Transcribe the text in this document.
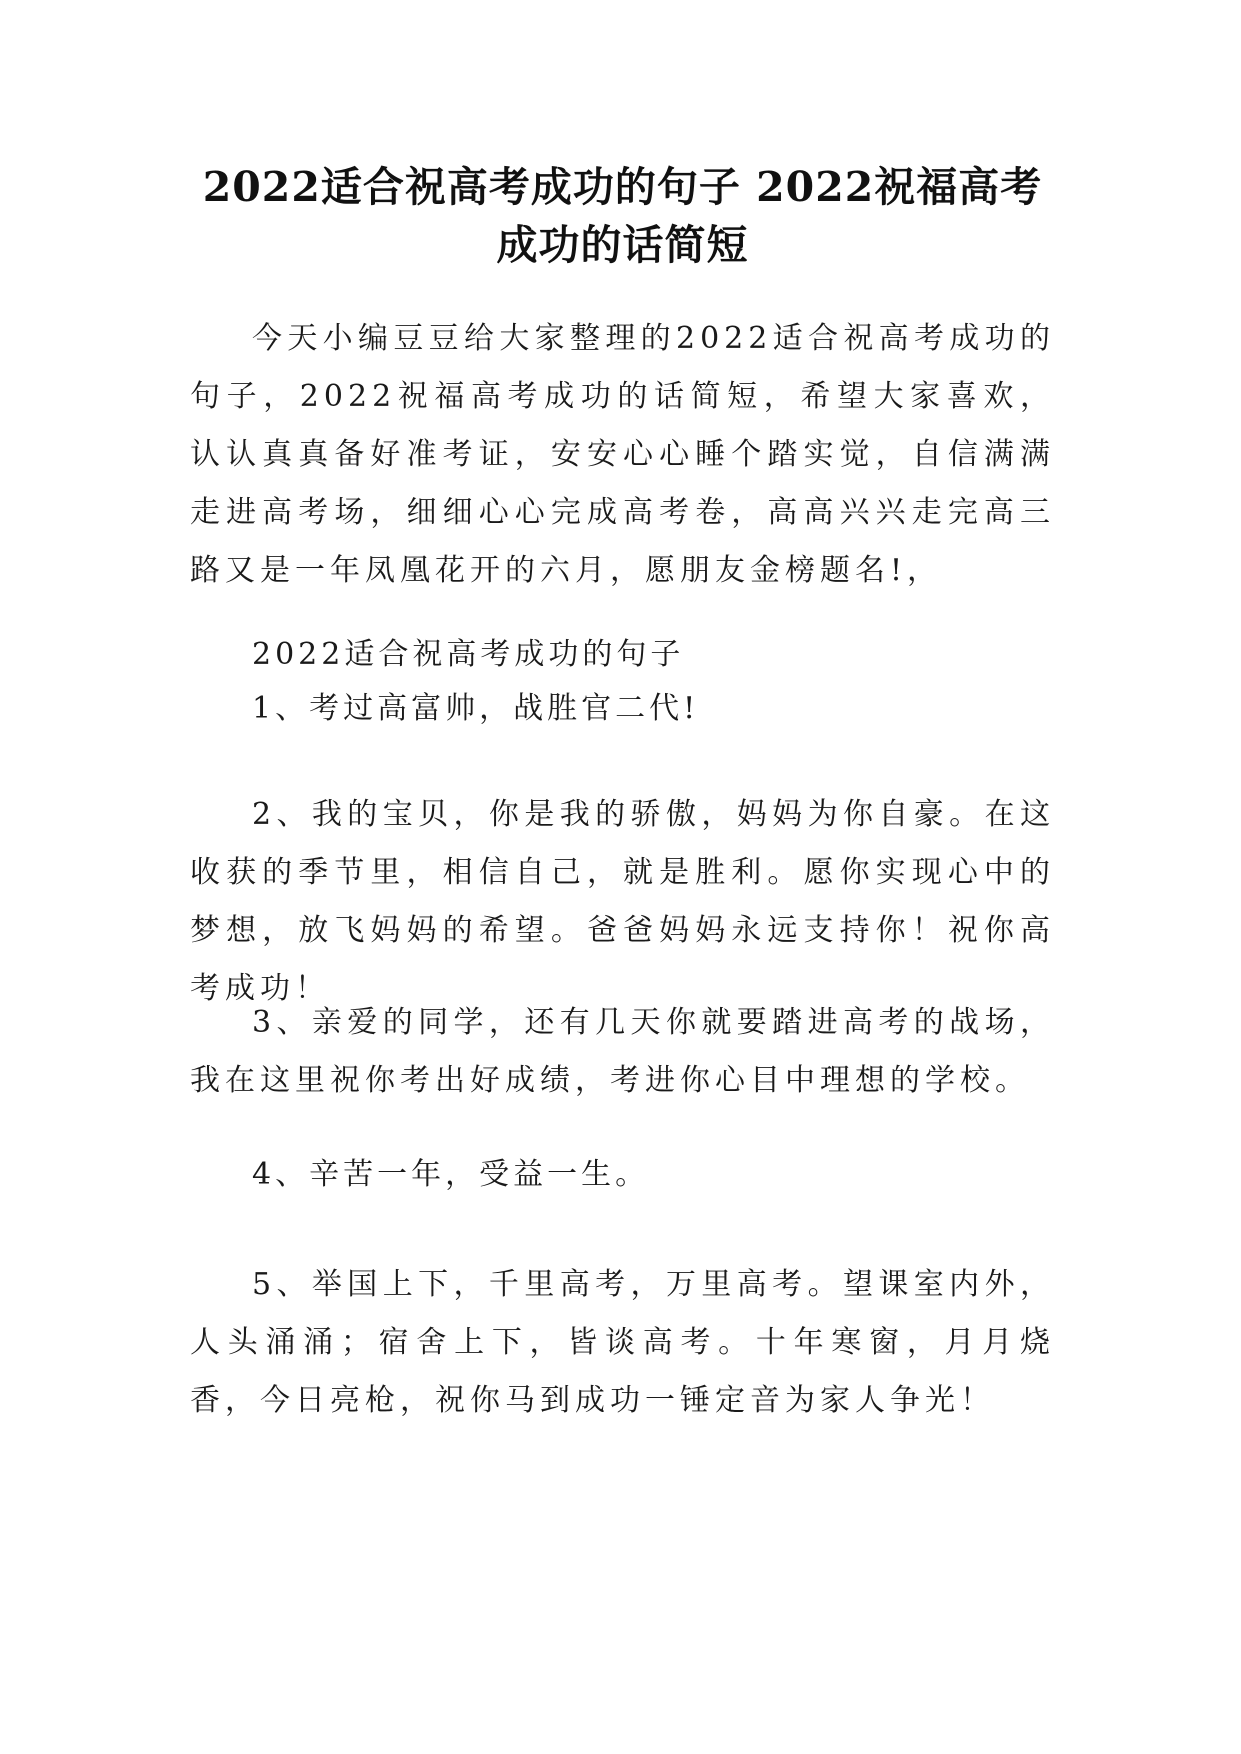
2022适合祝高考成功的句子 2022祝福高考
成功的话简短

今天小编豆豆给大家整理的2022适合祝高考成功的句子，2022祝福高考成功的话简短，希望大家喜欢，认认真真备好准考证，安安心心睡个踏实觉，自信满满走进高考场，细细心心完成高考卷，高高兴兴走完高三路又是一年凤凰花开的六月，愿朋友金榜题名!，

2022适合祝高考成功的句子
1、考过高富帅，战胜官二代!

2、我的宝贝，你是我的骄傲，妈妈为你自豪。在这收获的季节里，相信自己，就是胜利。愿你实现心中的梦想，放飞妈妈的希望。爸爸妈妈永远支持你！祝你高考成功！

3、亲爱的同学，还有几天你就要踏进高考的战场，我在这里祝你考出好成绩，考进你心目中理想的学校。

4、辛苦一年，受益一生。

5、举国上下，千里高考，万里高考。望课室内外，人头涌涌；宿舍上下，皆谈高考。十年寒窗，月月烧香，今日亮枪，祝你马到成功一锤定音为家人争光！
